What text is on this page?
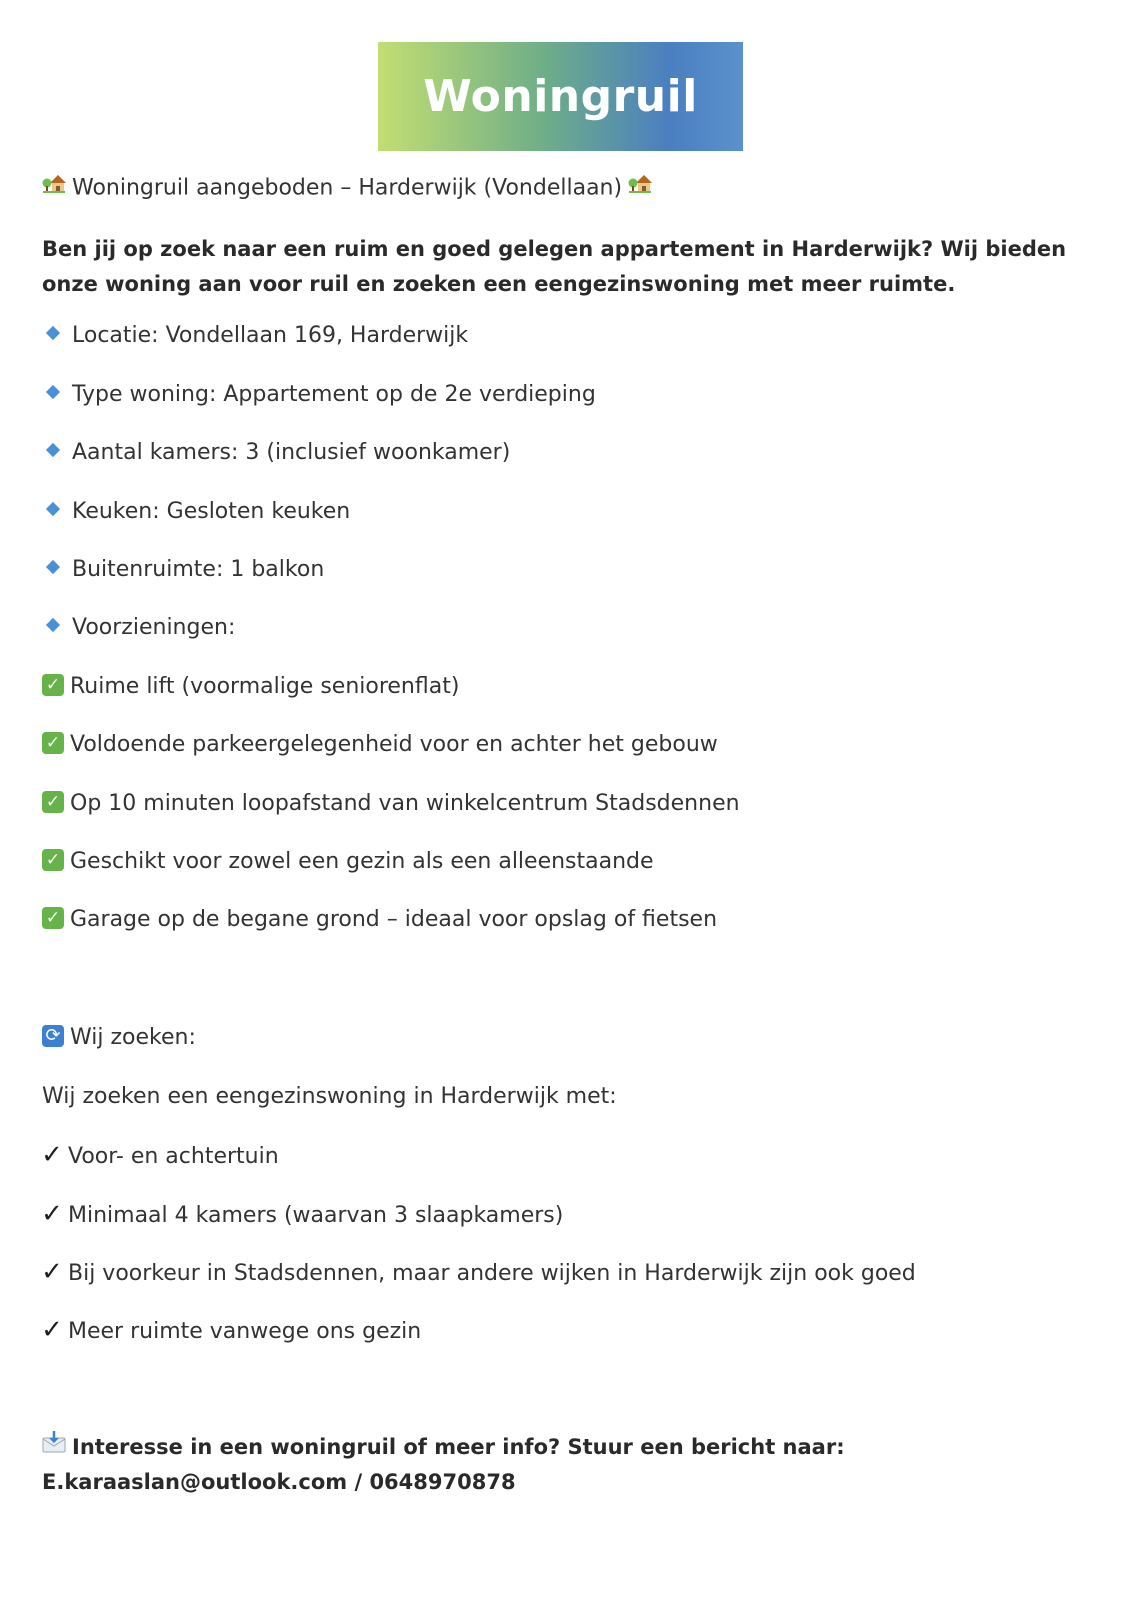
Woningruil
Woningruil aangeboden – Harderwijk (Vondellaan)
Ben jij op zoek naar een ruim en goed gelegen appartement in Harderwijk? Wij bieden onze woning aan voor ruil en zoeken een eengezinswoning met meer ruimte.
Locatie: Vondellaan 169, Harderwijk
Type woning: Appartement op de 2e verdieping
Aantal kamers: 3 (inclusief woonkamer)
Keuken: Gesloten keuken
Buitenruimte: 1 balkon
Voorzieningen:
✓ Ruime lift (voormalige seniorenflat)
✓ Voldoende parkeergelegenheid voor en achter het gebouw
✓ Op 10 minuten loopafstand van winkelcentrum Stadsdennen
✓ Geschikt voor zowel een gezin als een alleenstaande
✓ Garage op de begane grond – ideaal voor opslag of fietsen
⟳ Wij zoeken:
Wij zoeken een eengezinswoning in Harderwijk met:
✓ Voor- en achtertuin
✓ Minimaal 4 kamers (waarvan 3 slaapkamers)
✓ Bij voorkeur in Stadsdennen, maar andere wijken in Harderwijk zijn ook goed
✓ Meer ruimte vanwege ons gezin
Interesse in een woningruil of meer info? Stuur een bericht naar:
E.karaaslan@outlook.com / 0648970878
